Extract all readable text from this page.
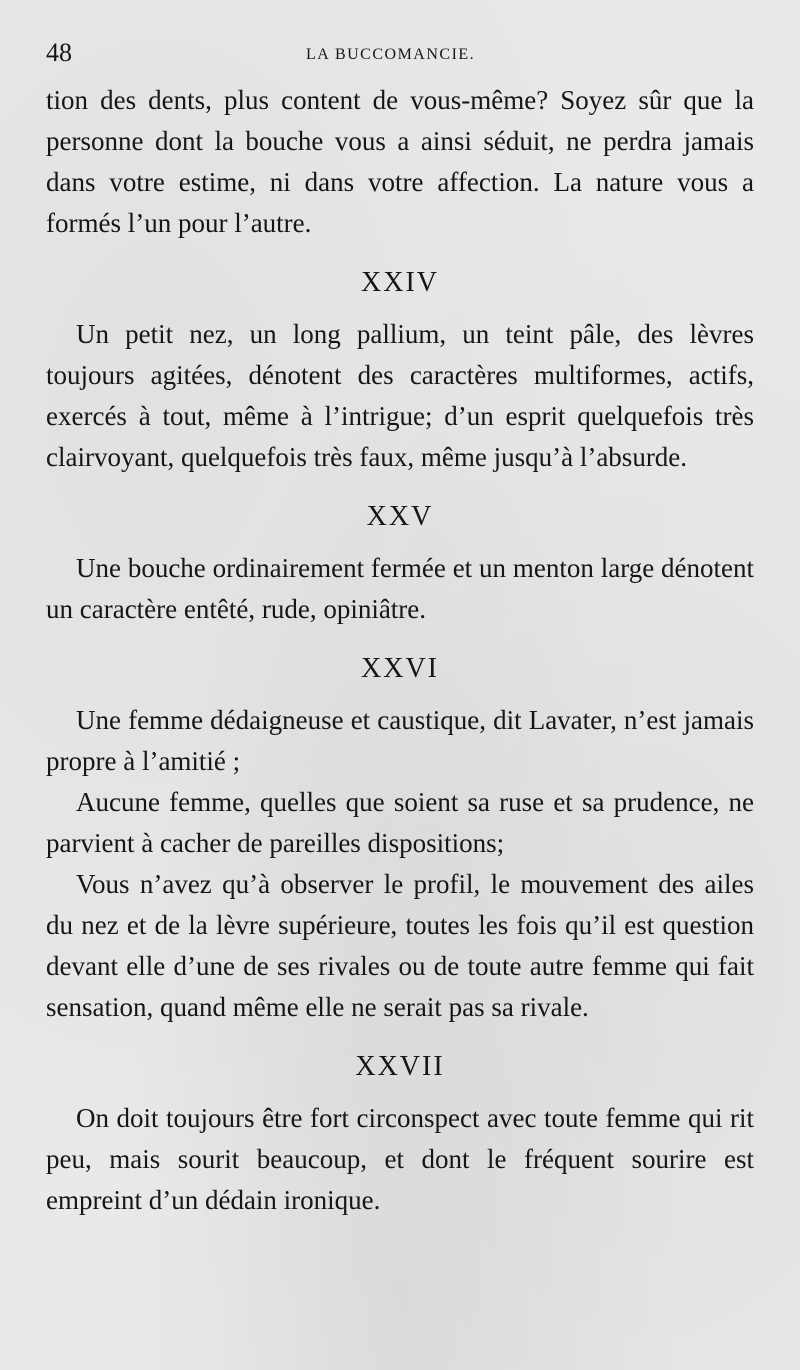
48	LA BUCCOMANCIE.

tion des dents, plus content de vous-même? Soyez sûr que la personne dont la bouche vous a ainsi séduit, ne perdra jamais dans votre estime, ni dans votre affection. La nature vous a formés l’un pour l’autre.

XXIV

Un petit nez, un long pallium, un teint pâle, des lèvres toujours agitées, dénotent des caractères multiformes, actifs, exercés à tout, même à l’intrigue; d’un esprit quelquefois très clairvoyant, quelquefois très faux, même jusqu’à l’absurde.

XXV

Une bouche ordinairement fermée et un menton large dénotent un caractère entêté, rude, opiniâtre.

XXVI

Une femme dédaigneuse et caustique, dit Lavater, n’est jamais propre à l’amitié ;

Aucune femme, quelles que soient sa ruse et sa prudence, ne parvient à cacher de pareilles dispositions;

Vous n’avez qu’à observer le profil, le mouvement des ailes du nez et de la lèvre supérieure, toutes les fois qu’il est question devant elle d’une de ses rivales ou de toute autre femme qui fait sensation, quand même elle ne serait pas sa rivale.

XXVII

On doit toujours être fort circonspect avec toute femme qui rit peu, mais sourit beaucoup, et dont le fréquent sourire est empreint d’un dédain ironique.
